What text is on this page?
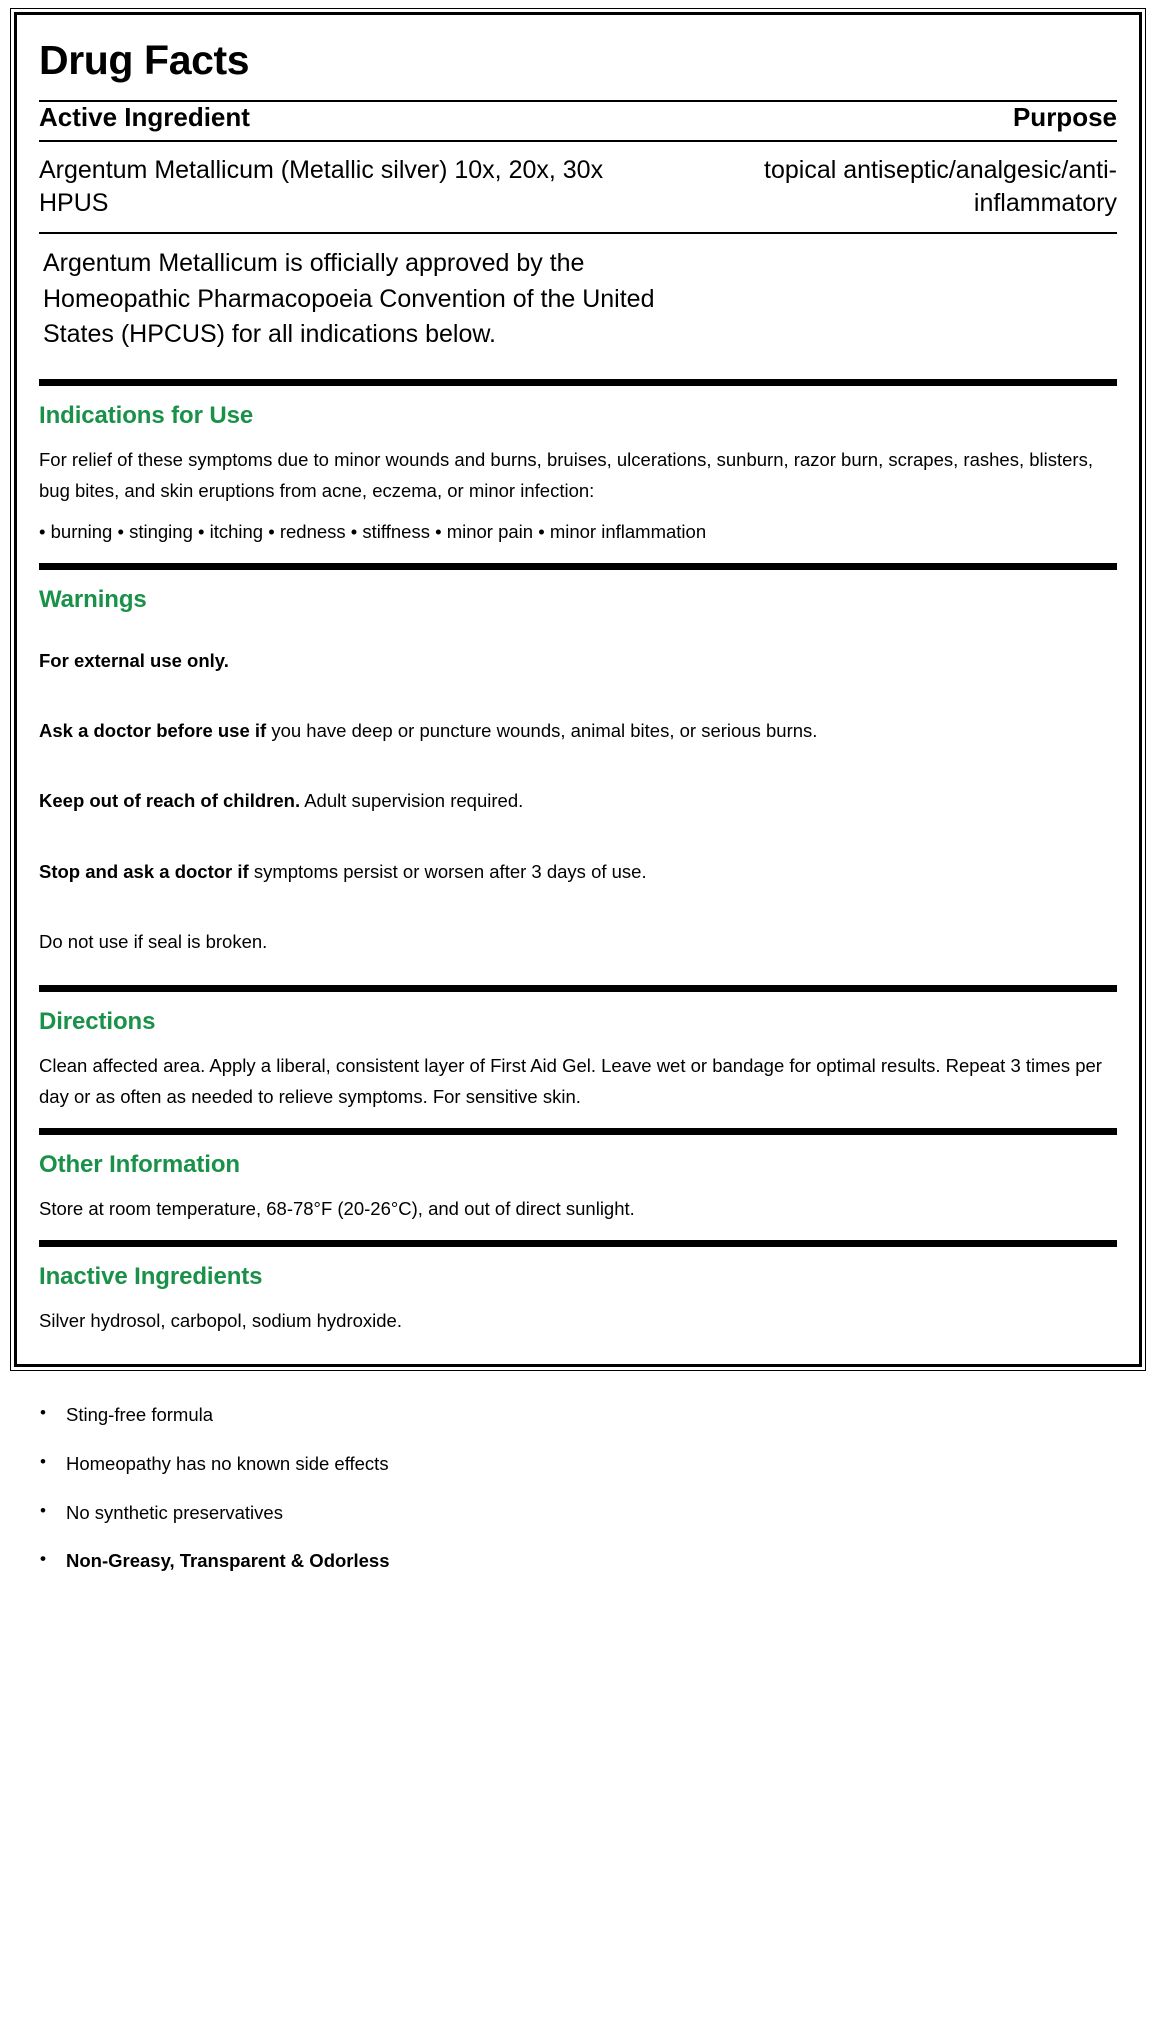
Drug Facts
Active Ingredient	Purpose
Argentum Metallicum (Metallic silver) 10x, 20x, 30x HPUS
topical antiseptic/analgesic/anti-inflammatory
Argentum Metallicum is officially approved by the Homeopathic Pharmacopoeia Convention of the United States (HPCUS) for all indications below.
Indications for Use
For relief of these symptoms due to minor wounds and burns, bruises, ulcerations, sunburn, razor burn, scrapes, rashes, blisters, bug bites, and skin eruptions from acne, eczema, or minor infection:
• burning • stinging • itching • redness • stiffness • minor pain • minor inflammation
Warnings

For external use only.

Ask a doctor before use if you have deep or puncture wounds, animal bites, or serious burns.

Keep out of reach of children. Adult supervision required.

Stop and ask a doctor if symptoms persist or worsen after 3 days of use.

Do not use if seal is broken.

Directions
Clean affected area. Apply a liberal, consistent layer of First Aid Gel. Leave wet or bandage for optimal results. Repeat 3 times per day or as often as needed to relieve symptoms. For sensitive skin.
Other Information
Store at room temperature, 68-78°F (20-26°C), and out of direct sunlight.
Inactive Ingredients
Silver hydrosol, carbopol, sodium hydroxide.
• Sting-free formula
• Homeopathy has no known side effects
• No synthetic preservatives
• Non-Greasy, Transparent & Odorless
